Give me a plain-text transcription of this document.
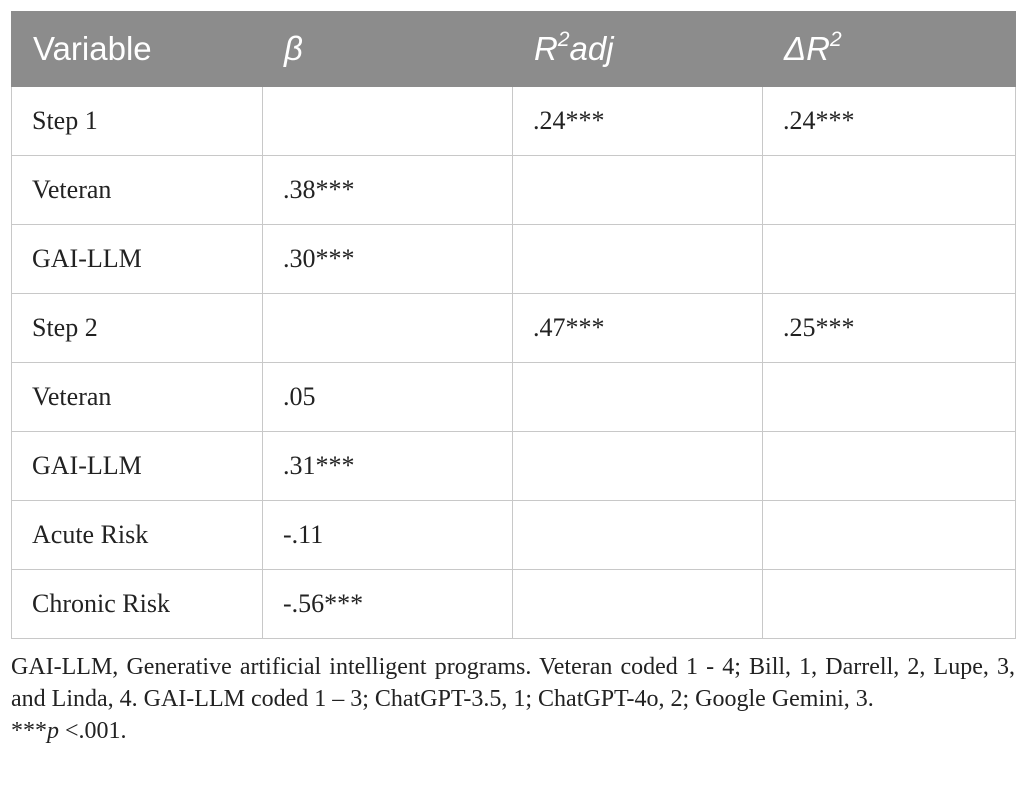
Variable	β	$R^2adj$	$\Delta R^2$
Step 1		.24***	.24***
Veteran	.38***		
GAI-LLM	.30***		
Step 2		.47***	.25***
Veteran	.05		
GAI-LLM	.31***		
Acute Risk	-.11		
Chronic Risk	-.56***		

GAI-LLM, Generative artificial intelligent programs. Veteran coded 1 - 4; Bill, 1, Darrell, 2, Lupe, 3, and Linda, 4. GAI-LLM coded 1 – 3; ChatGPT-3.5, 1; ChatGPT-4o, 2; Google Gemini, 3.

***p <.001.
